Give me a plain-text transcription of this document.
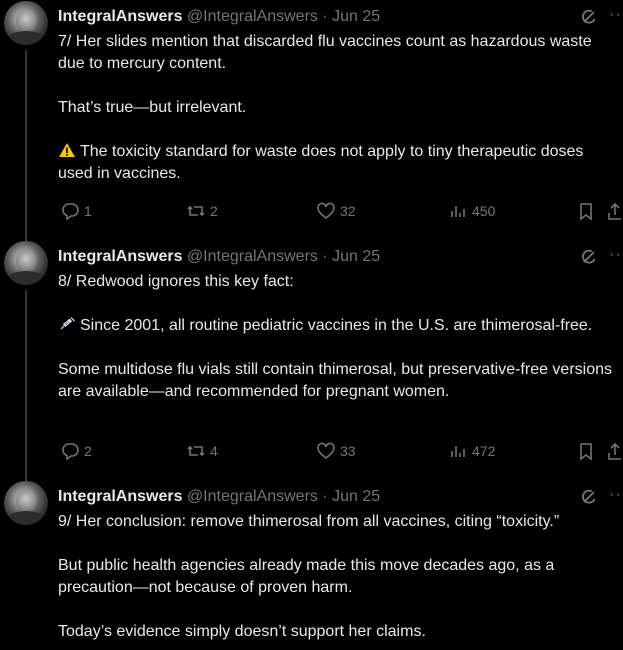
IntegralAnswers @IntegralAnswers · Jun 25	··

7/ Her slides mention that discarded flu vaccines count as hazardous waste due to mercury content.

That’s true—but irrelevant.

The toxicity standard for waste does not apply to tiny therapeutic doses used in vaccines.

1	2	32	450
IntegralAnswers @IntegralAnswers · Jun 25	··

8/ Redwood ignores this key fact:

Since 2001, all routine pediatric vaccines in the U.S. are thimerosal-free.

Some multidose flu vials still contain thimerosal, but preservative-free versions are available—and recommended for pregnant women.

2	4	33	472
IntegralAnswers @IntegralAnswers · Jun 25	··

9/ Her conclusion: remove thimerosal from all vaccines, citing “toxicity.”

But public health agencies already made this move decades ago, as a precaution—not because of proven harm.

Today’s evidence simply doesn’t support her claims.
